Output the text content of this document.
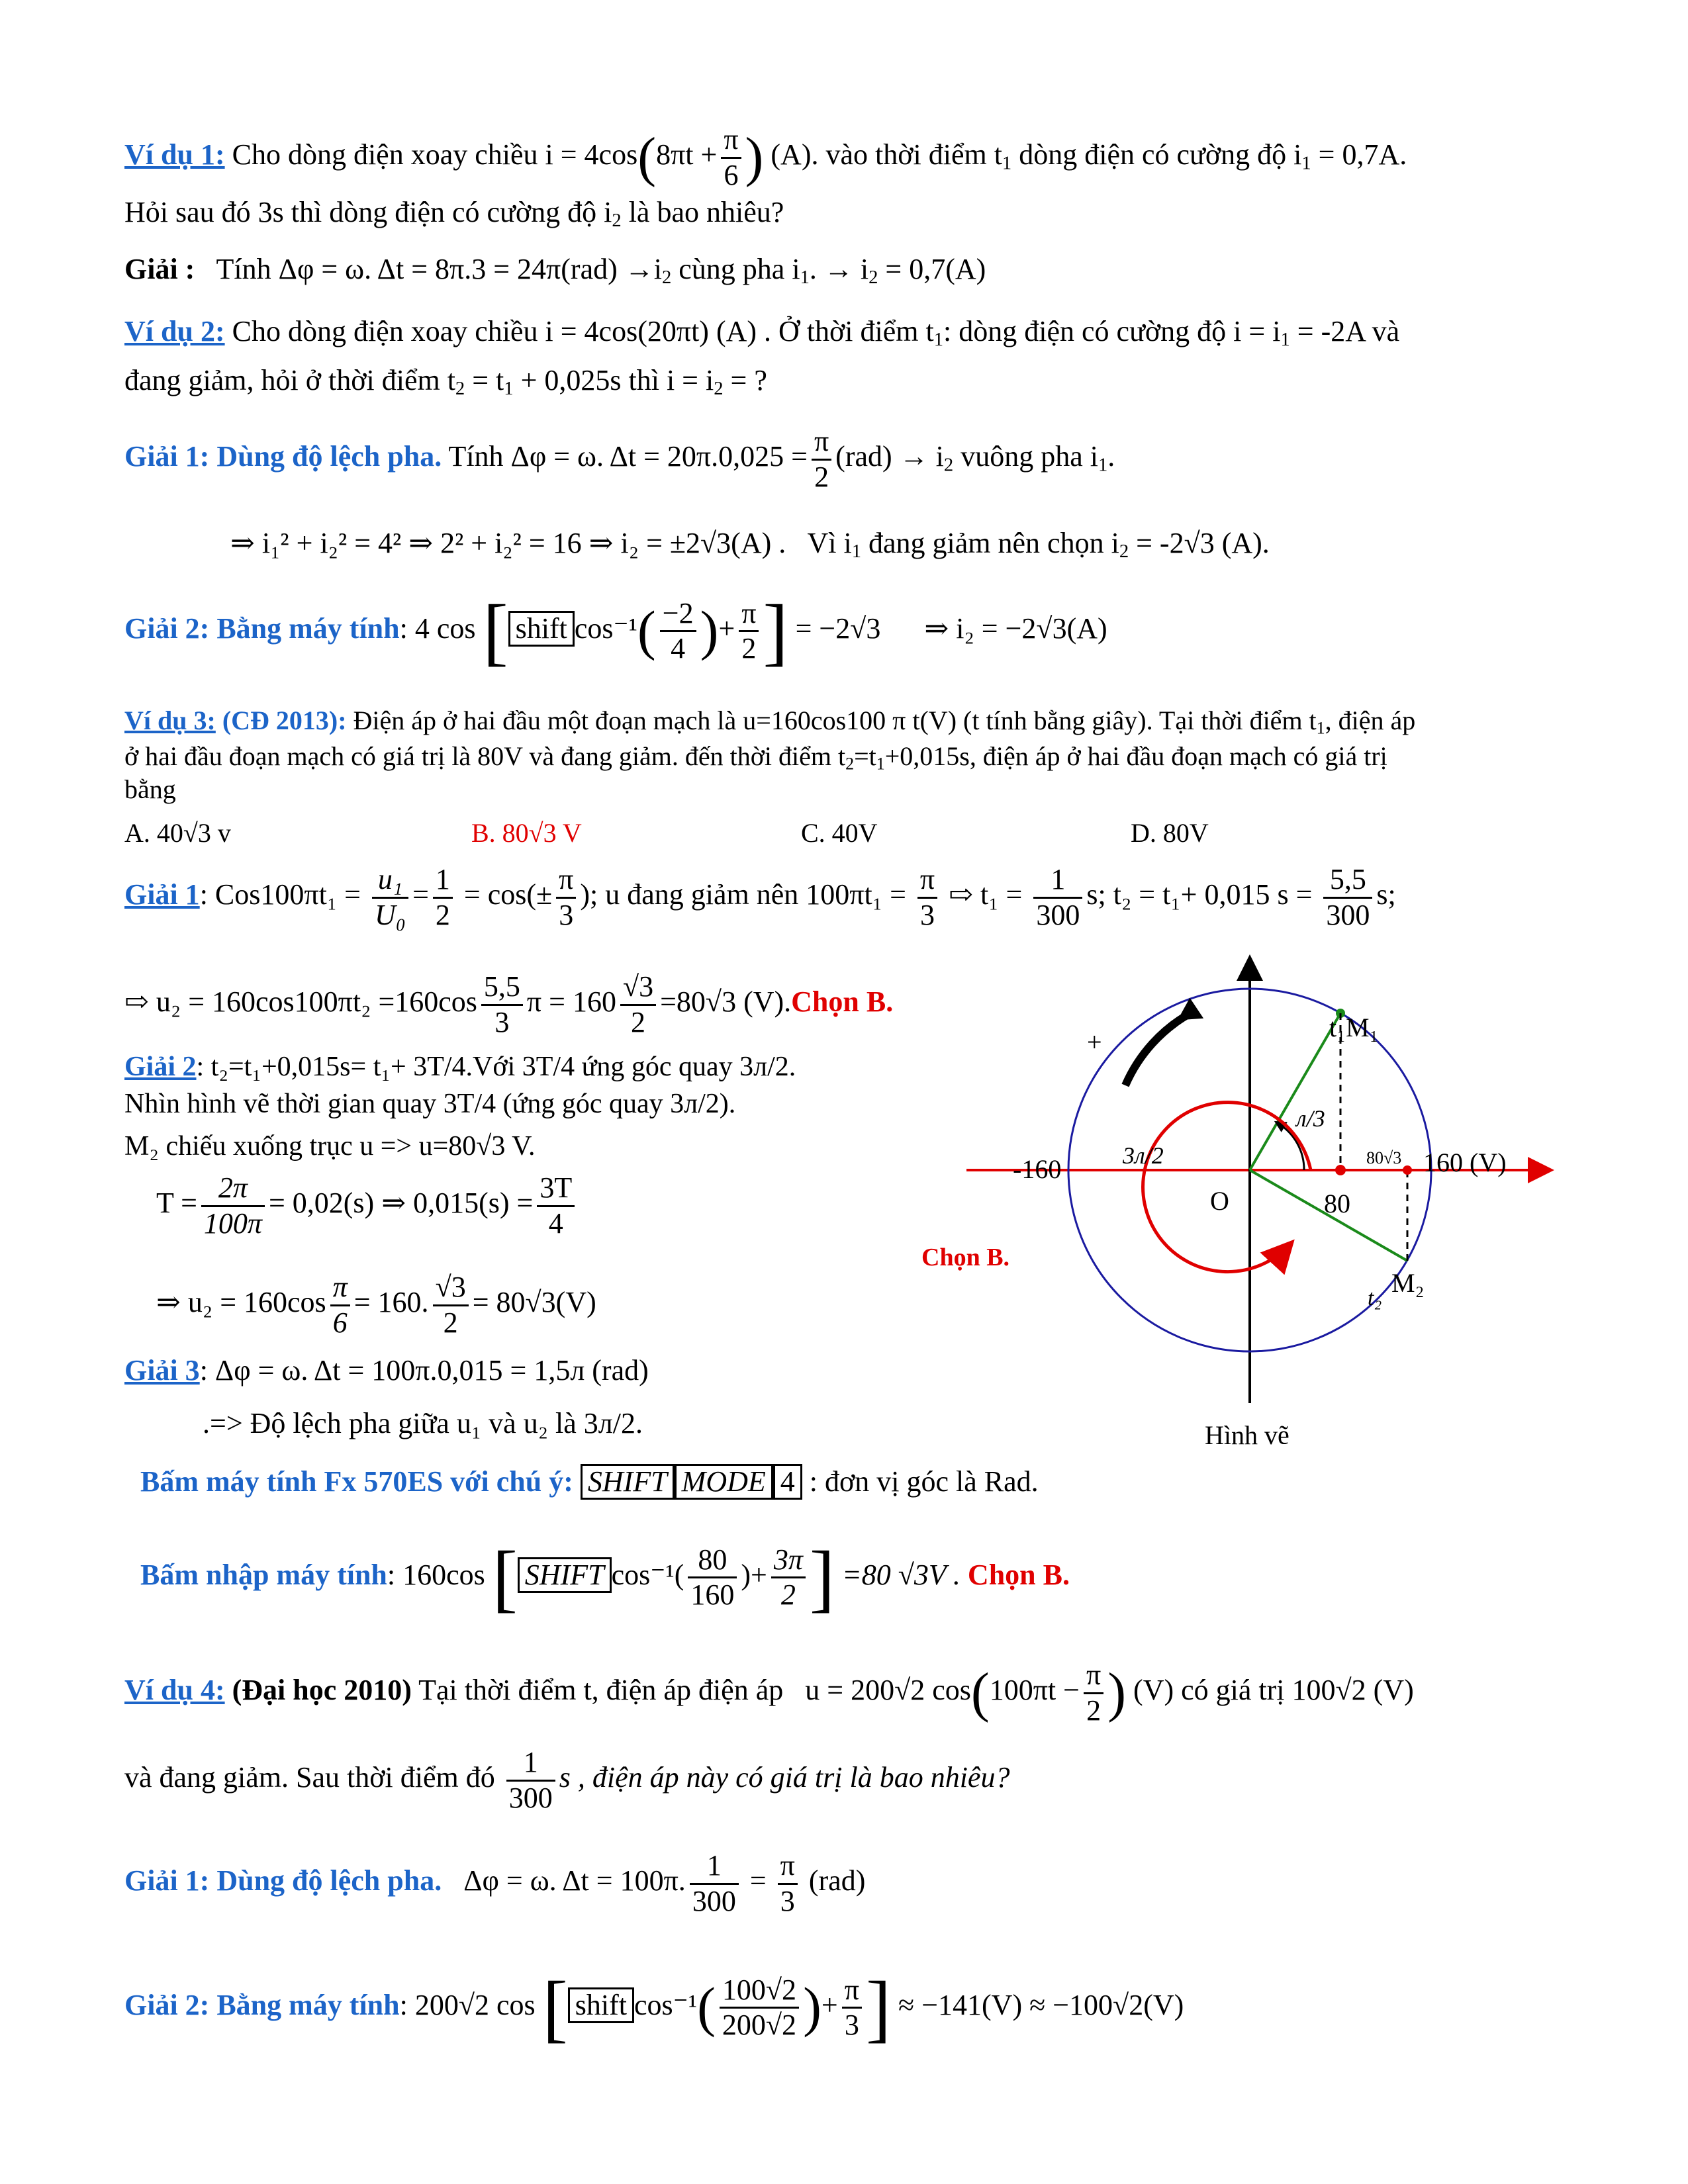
Ví dụ 1: Cho dòng điện xoay chiều $i = 4\cos(8\pi t + \frac{\pi}{6}$ ) (A). vào thời điểm $t_1$ dòng điện có cường độ $i_1 = 0,7A$.
Hỏi sau đó 3s thì dòng điện có cường độ $i_2$ là bao nhiêu?
Giải : Tính Δφ = ω. $\Delta t = 8\pi.3 = 24\pi(rad) \to i_2$ cùng pha $i_1$. → $i_2 = 0,7(A)$
Ví dụ 2: Cho dòng điện xoay chiều i = 4cos(20πt) (A) . Ở thời điểm $t_1$: dòng điện có cường độ $i = i_1 = -2A$ và
đang giảm, hỏi ở thời điểm $t_2 = t_1 + 0,025s$ thì $i = i_2$ = ?
Giải 1: Dùng độ lệch pha. Tính Δφ = ω. $\Delta t = 20\pi.0,025 = \frac{\pi}{2} (rad) \to i_2$ vuông pha $i_1$.
⇒ i₁² + i₂² = 4² ⇒ 2² + i₂² = 16 ⇒ i₂ = ±2√3(A) . Vì $i_1$ đang giảm nên chọn $i_2 = -2√3$ (A).
Giải 2: Bằng máy tính: 4 cos [ shift $\cos^{-1}( \frac{-2}{4}$ )+ $\frac{\pi}{2}$ ] = −2√3 ⇒ i₂ = −2√3(A)
Ví dụ 3: (CĐ 2013): Điện áp ở hai đầu một đoạn mạch là u=160cos100 π t(V) (t tính bằng giây). Tại thời điểm $t_1$, điện áp
ở hai đầu đoạn mạch có giá trị là 80V và đang giảm. đến thời điểm $t_2=t_1+0,015s$, điện áp ở hai đầu đoạn mạch có giá trị
bằng
A. 40√3 v	B. 80√3 V	C. 40V	D. 80V
Giải 1: $Cos100\pi t_1 = \frac{\text{u₁}}{\text{U₀}} = \frac{1}{2} = \cos(\pm \frac{\pi}{3}$ ); u đang giảm nên $100\pi t_1 = \frac{\pi}{3}$ ⇨ $t_1 = \frac{1}{300} s$; t₂ = t₁+ 0,015 $s = \frac{5,5}{300} s$;
⇨ $u_2 = 160\cos 100\pi t_2 =160\cos \frac{5,5}{3}$ $\pi = 160 \frac{√3}{2} =80√3$ (V).Chọn B.
Giải 2: t₂=t₁+0,015s= t₁+ 3T/4.Với 3T/4 ứng góc quay 3л/2.
Nhìn hình vẽ thời gian quay 3T/4 (ứng góc quay 3л/2).
M₂ chiếu xuống trục u => u=80√3 V.
$T = \frac{2\pi}{100\pi} = 0,02(s)$ ⇒ $0,015(s) = \frac{3T}{4}$
⇒ $u_2 = 160\cos \frac{\pi}{6} = 160$. $\frac{√3}{2} = 80√3(V)$
Giải 3: Δφ = ω. Δt = 100π.0,015 = 1,5л (rad)
.=> Độ lệch pha giữa u₁ và u₂ là 3л/2.
+	t₁M₁
-160	160 (V)
3л/2
л/3
O	80
80√3
M₂
t₂
Chọn B.
Hình vẽ
Bấm máy tính Fx 570ES với chú ý: SHIFT MODE 4 : đơn vị góc là Rad.
Bấm nhập máy tính: 160cos [ SHIFT $\cos^{-1}( \frac{80}{160}$ )+ $\frac{3\pi}{2}$ ] =80 √3V . Chọn B.
Ví dụ 4: (Đại học 2010) Tại thời điểm t, điện áp điện áp u = 200√2 $\cos(100\pi t - \frac{\pi}{2}$ ) (V) có giá trị 100√2 (V)
và đang giảm. Sau thời điểm đó $\frac{1}{300}$ s , điện áp này có giá trị là bao nhiêu?
Giải 1: Dùng độ lệch pha. Δφ = ω. Δt = 100π. $\frac{1}{300} = \frac{\pi}{3} (rad)$
Giải 2: Bằng máy tính: 200√2 cos [ shift $\cos^{-1}( \frac{100√2}{200√2}$ )+ $\frac{\pi}{3}$ ] ≈ −141(V) ≈ −100√2(V)
